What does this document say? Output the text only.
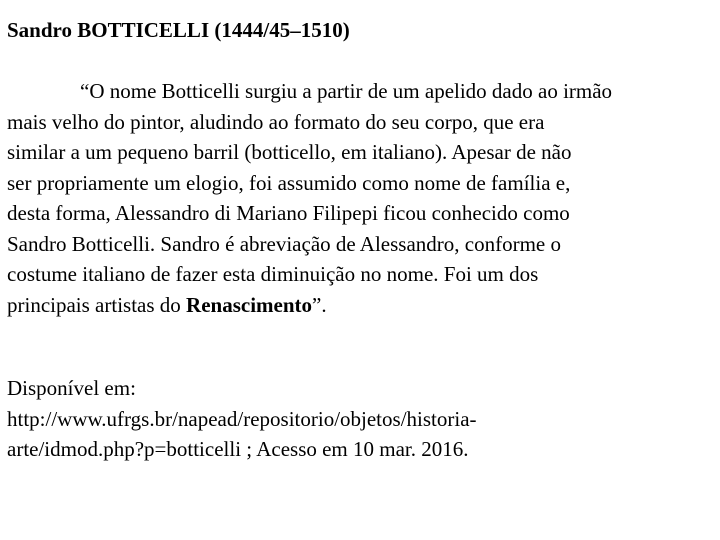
Sandro BOTTICELLI (1444/45–1510)

“O nome Botticelli surgiu a partir de um apelido dado ao irmão
mais velho do pintor, aludindo ao formato do seu corpo, que era
similar a um pequeno barril (botticello, em italiano). Apesar de não
ser propriamente um elogio, foi assumido como nome de família e,
desta forma, Alessandro di Mariano Filipepi ficou conhecido como
Sandro Botticelli. Sandro é abreviação de Alessandro, conforme o
costume italiano de fazer esta diminuição no nome. Foi um dos
principais artistas do Renascimento”.

Disponível em:
http://www.ufrgs.br/napead/repositorio/objetos/historia-
arte/idmod.php?p=botticelli ; Acesso em 10 mar. 2016.
